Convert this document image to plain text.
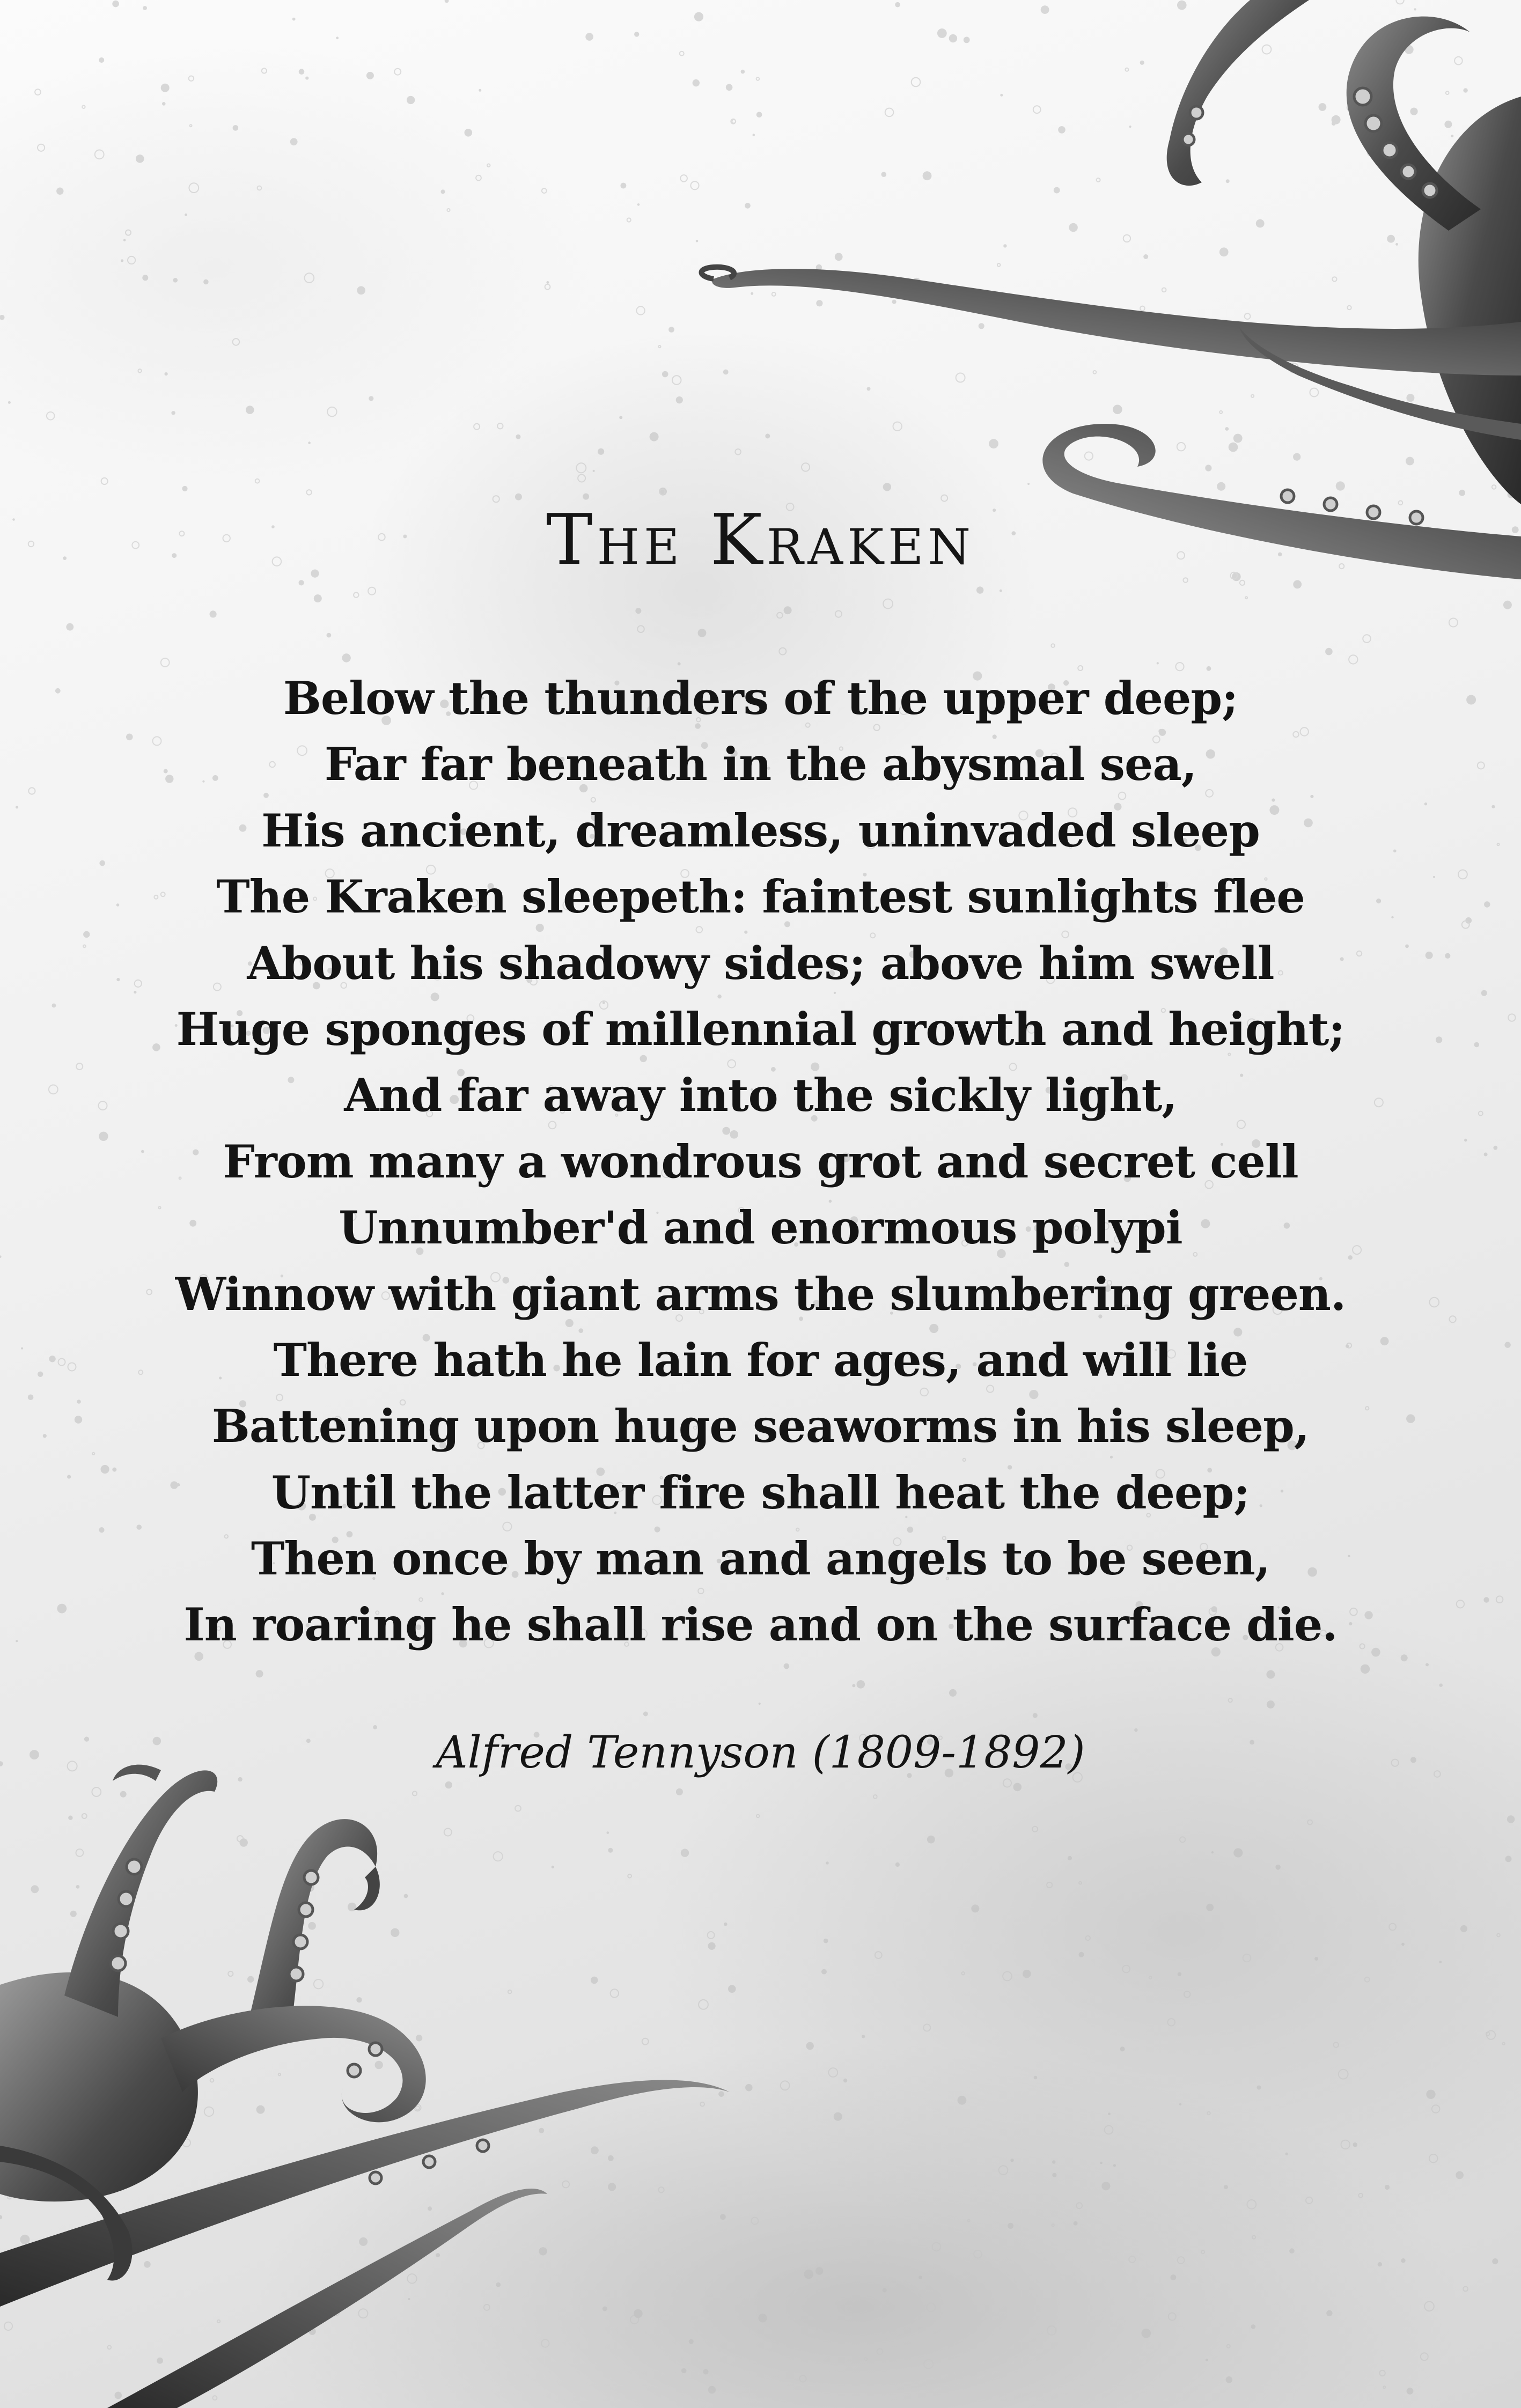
The Kraken
Below the thunders of the upper deep;
Far far beneath in the abysmal sea,
His ancient, dreamless, uninvaded sleep
The Kraken sleepeth: faintest sunlights flee
About his shadowy sides; above him swell
Huge sponges of millennial growth and height;
And far away into the sickly light,
From many a wondrous grot and secret cell
Unnumber'd and enormous polypi
Winnow with giant arms the slumbering green.
There hath he lain for ages, and will lie
Battening upon huge seaworms in his sleep,
Until the latter fire shall heat the deep;
Then once by man and angels to be seen,
In roaring he shall rise and on the surface die.

Alfred Tennyson (1809-1892)
